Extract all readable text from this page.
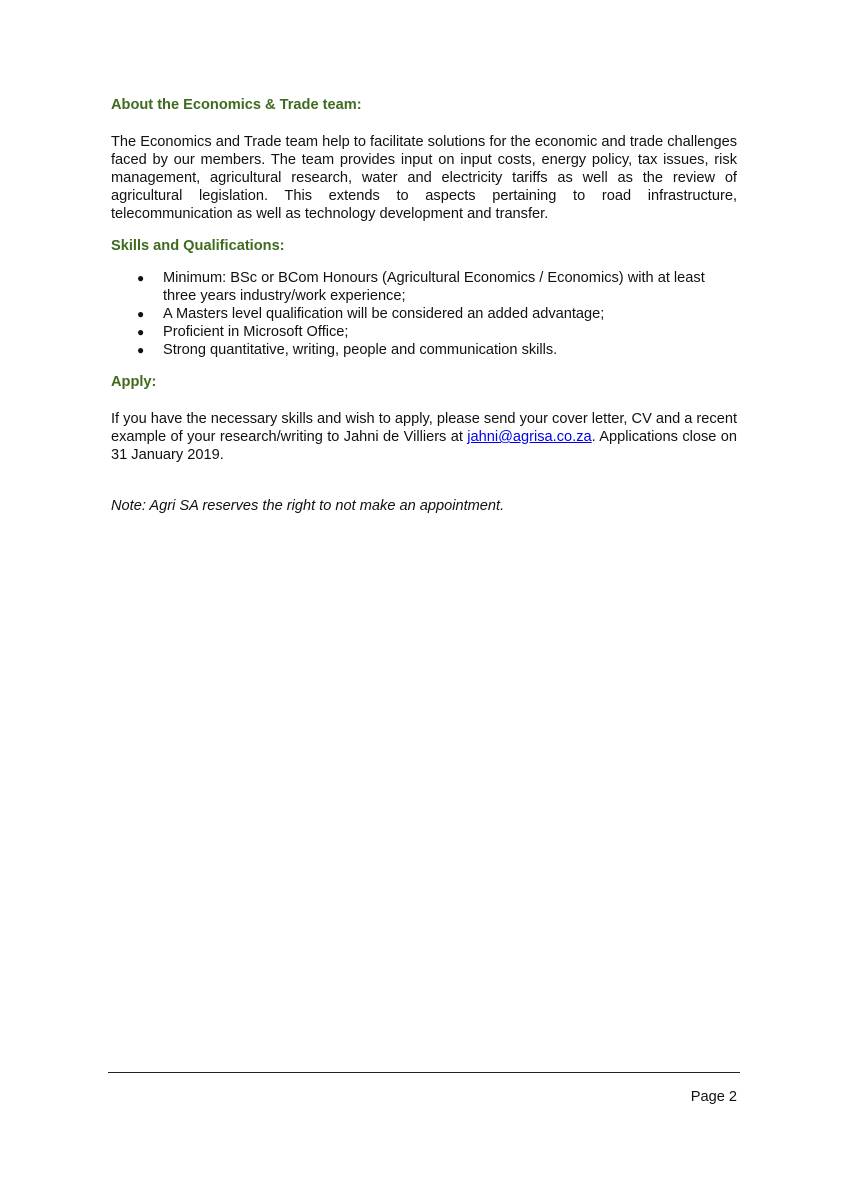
About the Economics & Trade team:

The Economics and Trade team help to facilitate solutions for the economic and trade challenges faced by our members. The team provides input on input costs, energy policy, tax issues, risk management, agricultural research, water and electricity tariffs as well as the review of agricultural legislation. This extends to aspects pertaining to road infrastructure, telecommunication as well as technology development and transfer.

Skills and Qualifications:

● Minimum: BSc or BCom Honours (Agricultural Economics / Economics) with at least three years industry/work experience;
● A Masters level qualification will be considered an added advantage;
● Proficient in Microsoft Office;
● Strong quantitative, writing, people and communication skills.

Apply:

If you have the necessary skills and wish to apply, please send your cover letter, CV and a recent example of your research/writing to Jahni de Villiers at jahni@agrisa.co.za. Applications close on 31 January 2019.

Note: Agri SA reserves the right to not make an appointment.

Page 2
